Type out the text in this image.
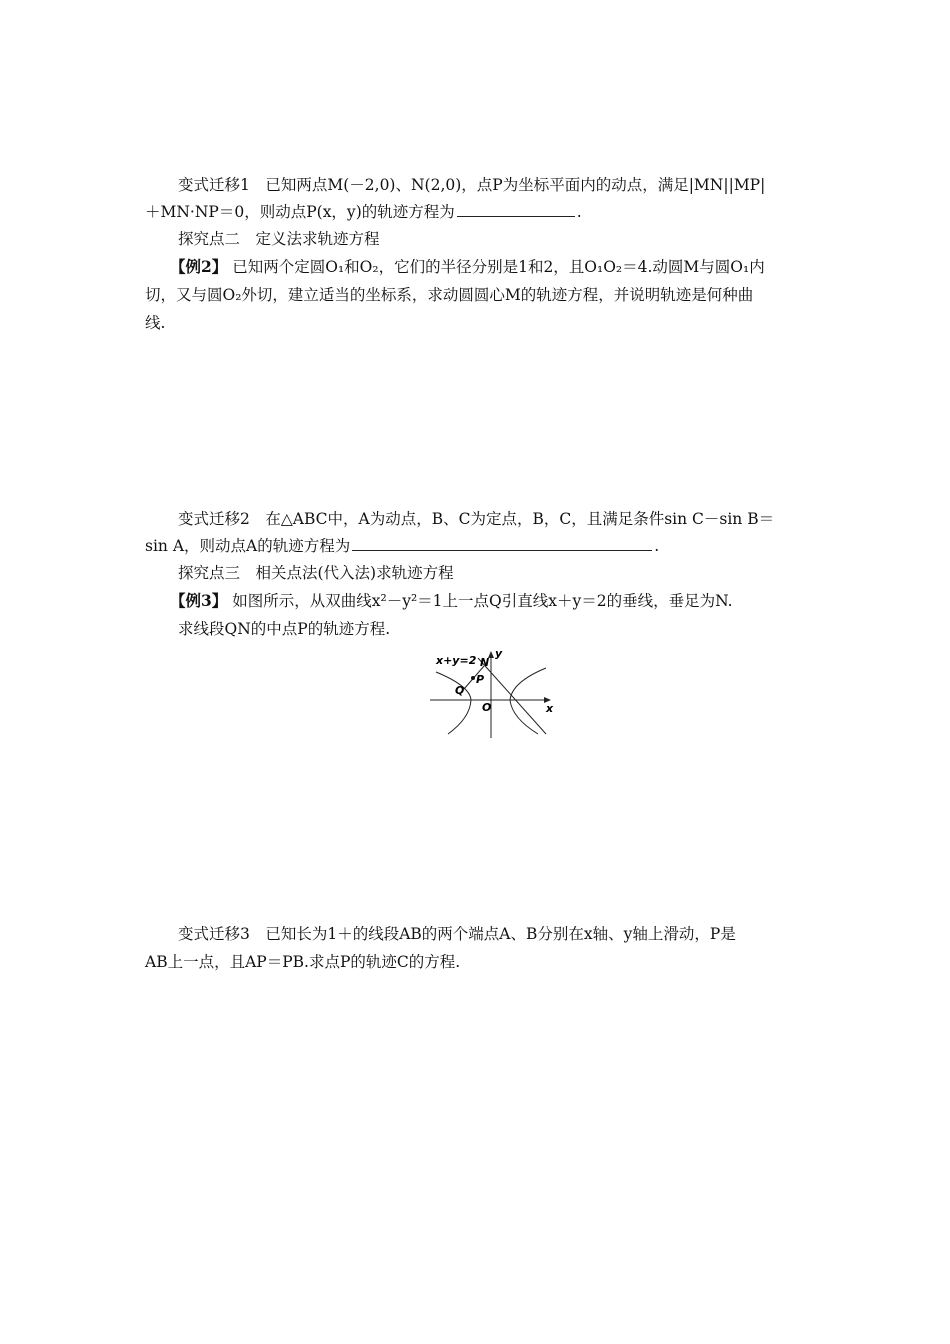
变式迁移1　已知两点M(－2,0)、N(2,0)，点P为坐标平面内的动点，满足|MN||MP|
＋MN·NP＝0，则动点P(x，y)的轨迹方程为	.
探究点二　定义法求轨迹方程
【例2】 已知两个定圆O₁和O₂，它们的半径分别是1和2，且O₁O₂＝4.动圆M与圆O₁内
切，又与圆O₂外切，建立适当的坐标系，求动圆圆心M的轨迹方程，并说明轨迹是何种曲
线.
变式迁移2　在△ABC中，A为动点，B、C为定点，B，C，且满足条件sin C－sin B＝
sin A，则动点A的轨迹方程为	.
探究点三　相关点法(代入法)求轨迹方程
【例3】 如图所示，从双曲线x²－y²＝1上一点Q引直线x＋y＝2的垂线，垂足为N.
求线段QN的中点P的轨迹方程.
x+y=2 N
P
Q
O	x
y
变式迁移3　已知长为1＋的线段AB的两个端点A、B分别在x轴、y轴上滑动，P是
AB上一点，且AP＝PB.求点P的轨迹C的方程.
